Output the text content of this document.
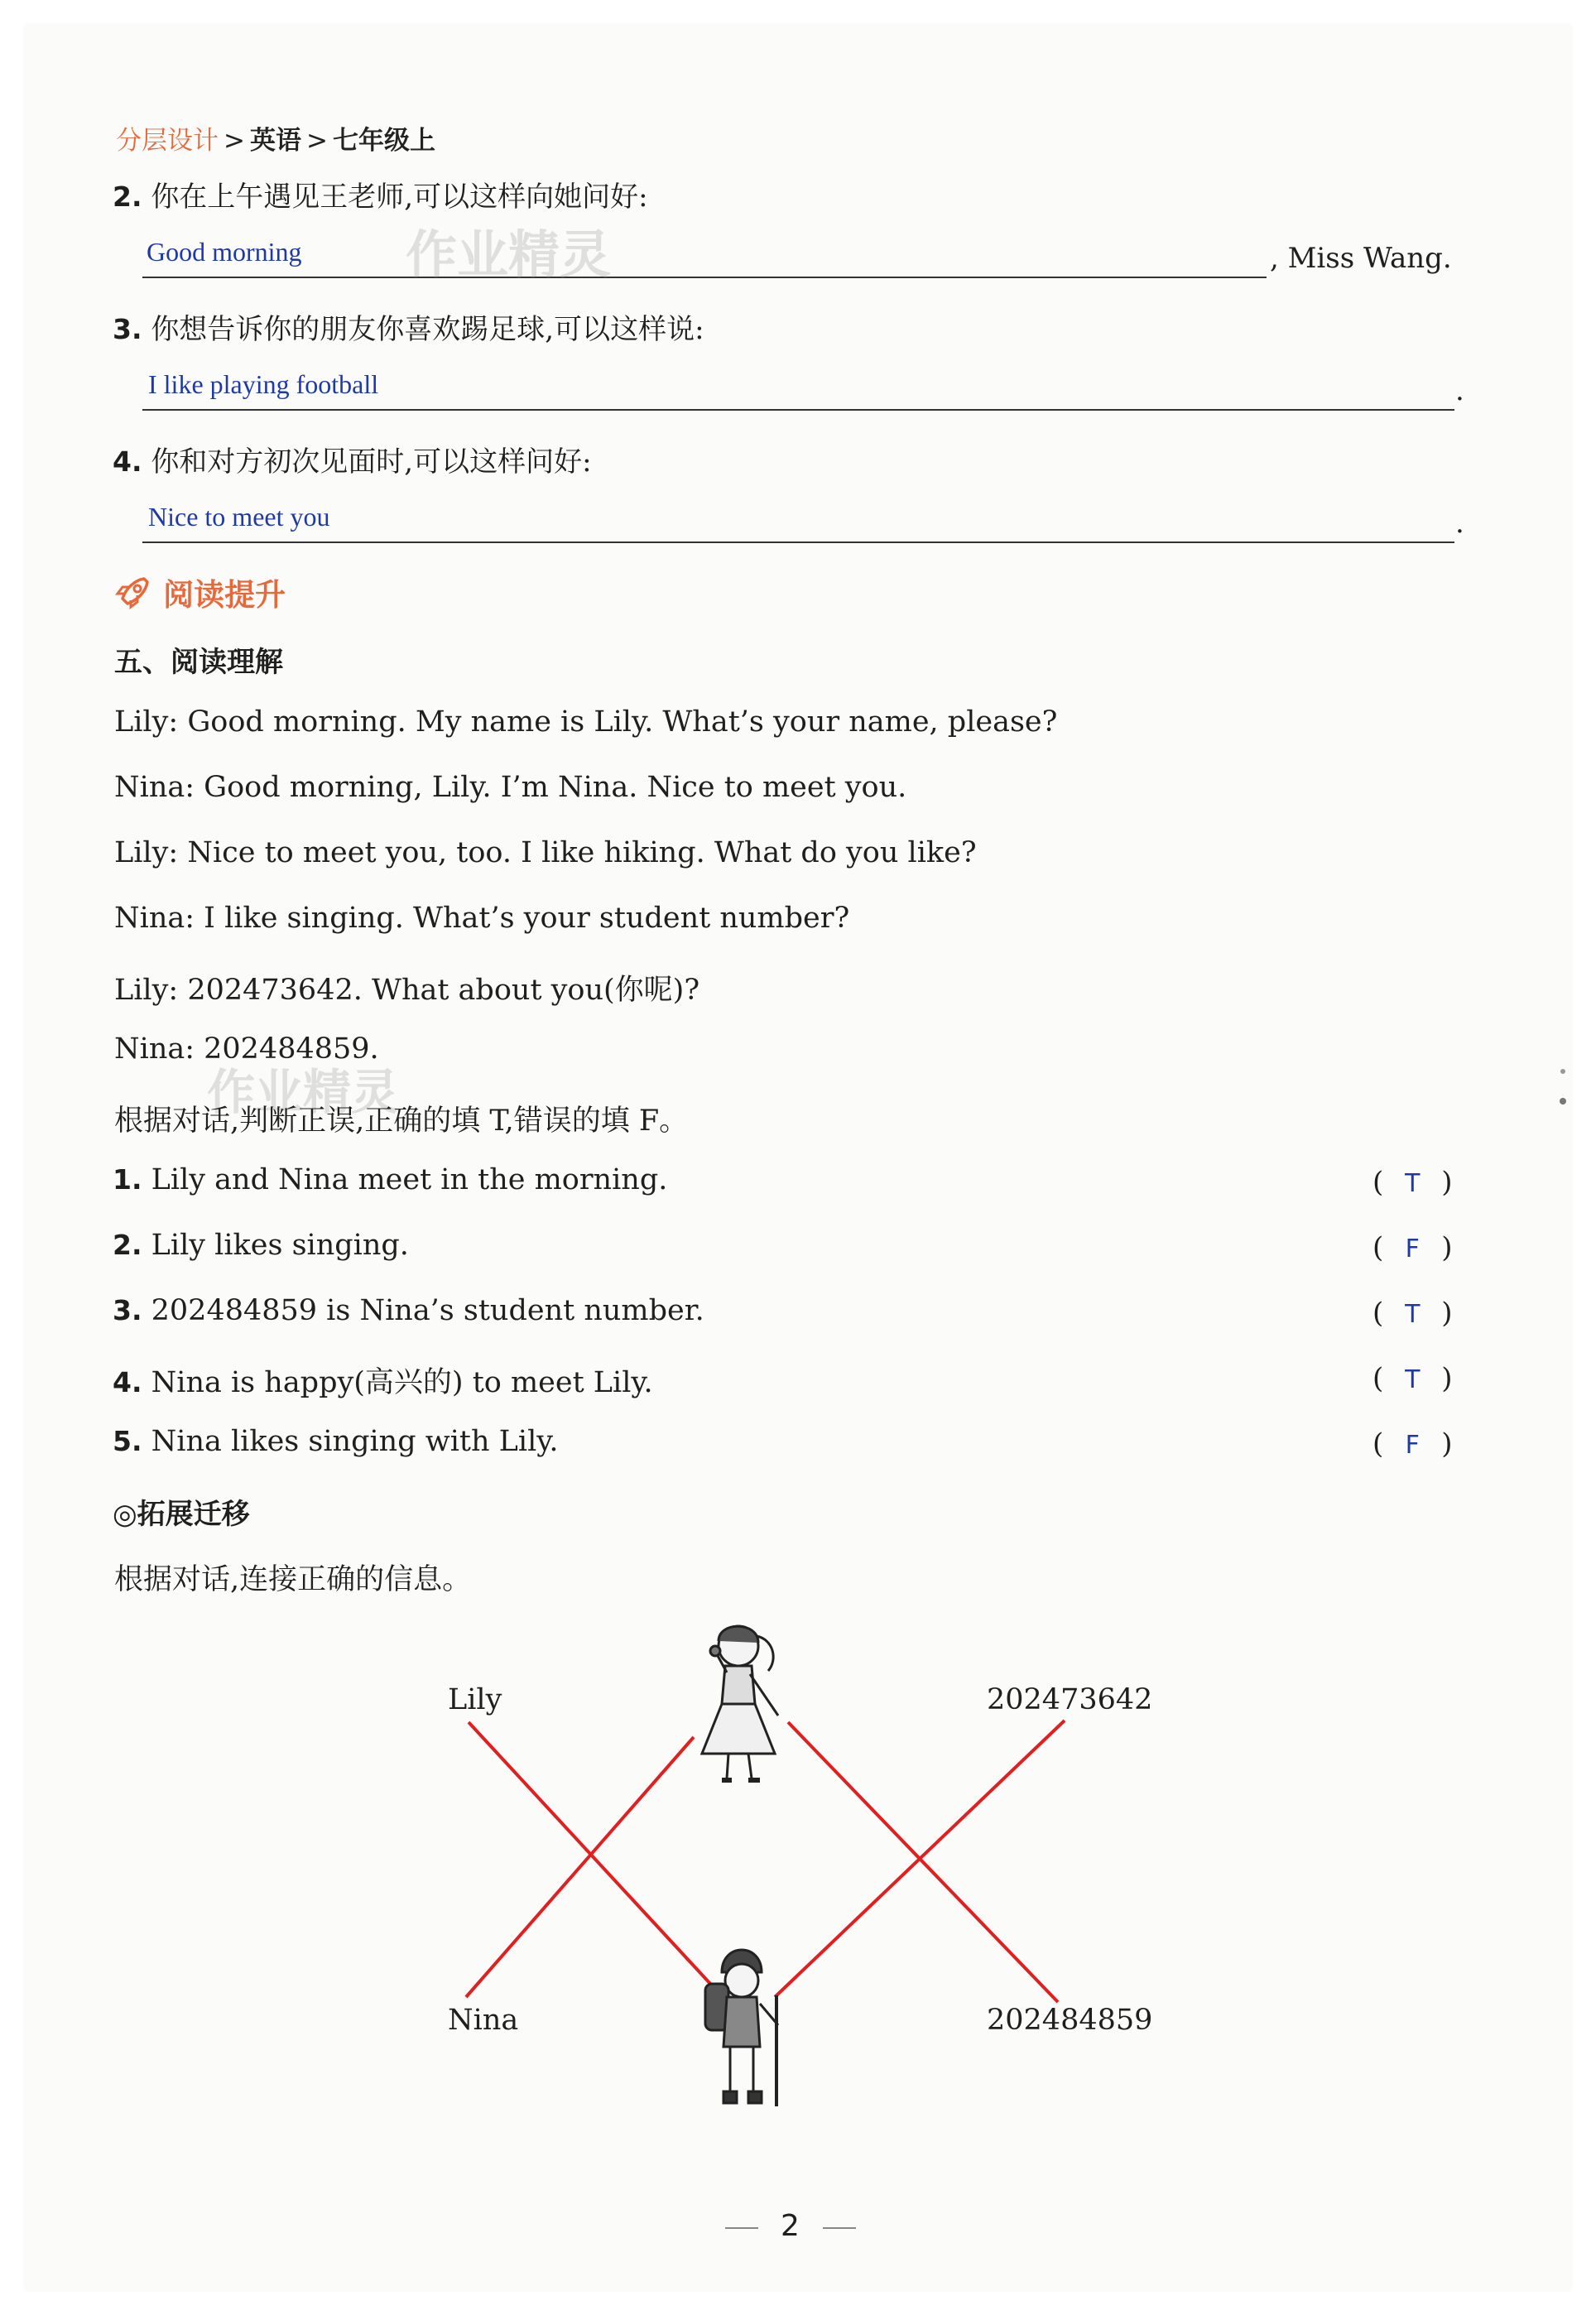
分层设计 > 英语 > 七年级上
2. 你在上午遇见王老师,可以这样向她问好:
Good morning	, Miss Wang.
作业精灵
3. 你想告诉你的朋友你喜欢踢足球,可以这样说:
I like playing football	.
4. 你和对方初次见面时,可以这样问好:
Nice to meet you	.
阅读提升
五、阅读理解
Lily: Good morning. My name is Lily. What’s your name, please?
Nina: Good morning, Lily. I’m Nina. Nice to meet you.
Lily: Nice to meet you, too. I like hiking. What do you like?
Nina: I like singing. What’s your student number?
Lily: 202473642. What about you(你呢)?
Nina: 202484859.
作业精灵
根据对话,判断正误,正确的填 T,错误的填 F。
1. Lily and Nina meet in the morning.	( T )
2. Lily likes singing.	( F )
3. 202484859 is Nina’s student number.	( T )
4. Nina is happy(高兴的) to meet Lily.	( T )
5. Nina likes singing with Lily.	( F )
◎拓展迁移
根据对话,连接正确的信息。
Lily
Nina
202473642
202484859
2
